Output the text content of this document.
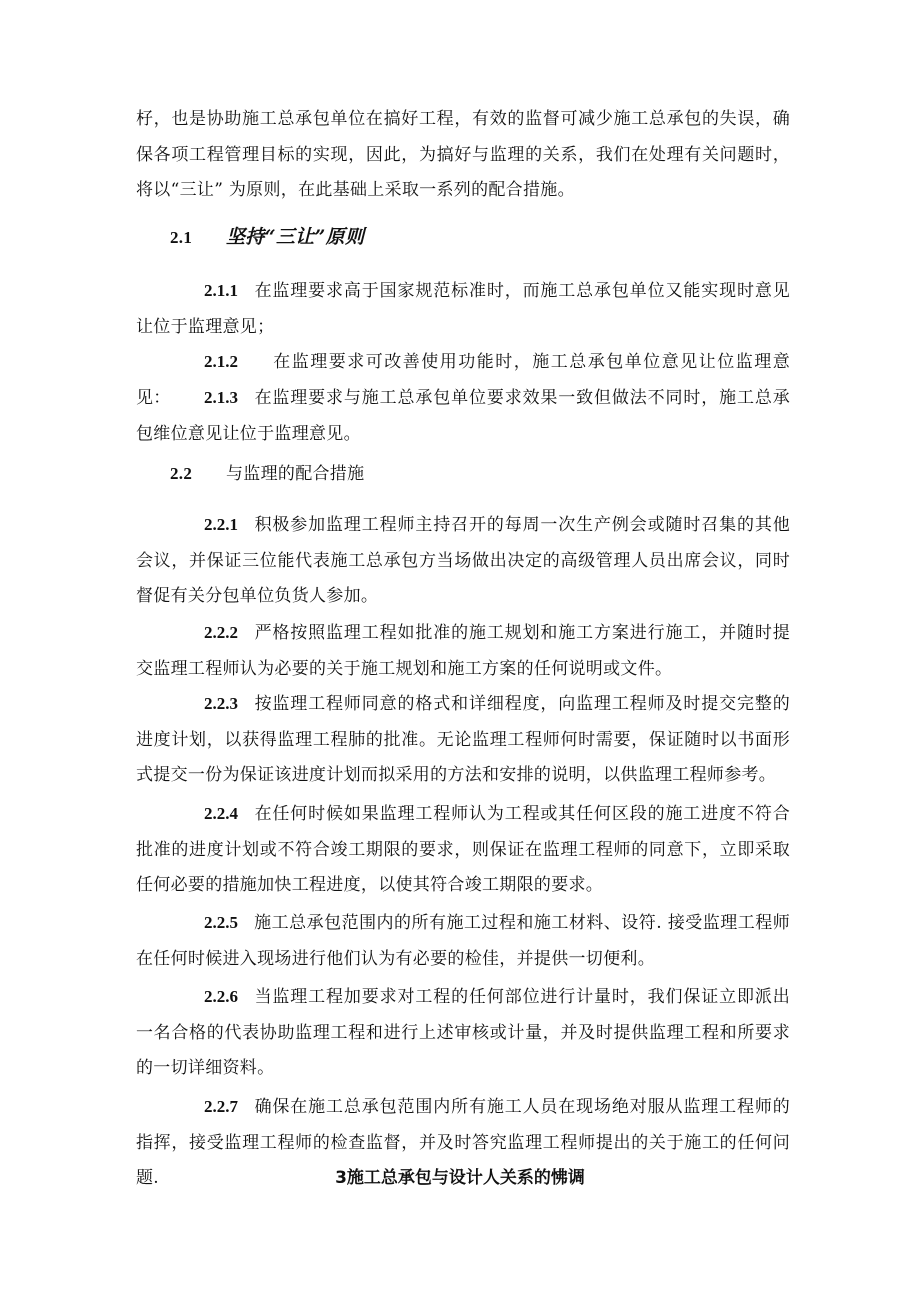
杍，也是协助施工总承包单位在搞好工程，有效的监督可减少施工总承包的失误，确保各项工程管理目标的实现，因此，为搞好与监理的关系，我们在处理有关问题时，将以“三让” 为原则，在此基础上采取一系列的配合措施。

2.1 坚持“三让”原则

2.1.1 在监理要求高于国家规范标准时，而施工总承包单位又能实现时意见让位于监理意见；

2.1.2 在监理要求可改善使用功能时，施工总承包单位意见让位监理意见：	2.1.3 在监理要求与施工总承包单位要求效果一致但做法不同时，施工总承包维位意见让位于监理意见。

2.2 与监理的配合措施

2.2.1 积极参加监理工程师主持召开的每周一次生产例会或随时召集的其他会议，并保证三位能代表施工总承包方当场做出决定的高级管理人员出席会议，同时督促有关分包单位负货人参加。

2.2.2 严格按照监理工程如批准的施工规划和施工方案进行施工，并随时提交监理工程师认为必要的关于施工规划和施工方案的任何说明或文件。

2.2.3 按监理工程师同意的格式和详细程度，向监理工程师及时提交完整的进度计划，以获得监理工程肺的批准。无论监理工程师何时需要，保证随时以书面形式提交一份为保证该进度计划而拟采用的方法和安排的说明，以供监理工程师参考。

2.2.4 在任何时候如果监理工程师认为工程或其任何区段的施工进度不符合批准的进度计划或不符合竣工期限的要求，则保证在监理工程师的同意下，立即采取任何必要的措施加快工程进度，以使其符合竣工期限的要求。

2.2.5 施工总承包范围内的所有施工过程和施工材料、设符. 接受监理工程师在任何时候进入现场进行他们认为有必要的检佳，并提供一切便利。

2.2.6 当监理工程加要求对工程的任何部位进行计量时，我们保证立即派出一名合格的代表协助监理工程和进行上述审核或计量，并及时提供监理工程和所要求的一切详细资料。

2.2.7 确保在施工总承包范围内所有施工人员在现场绝对服从监理工程师的指挥，接受监理工程师的检查监督，并及时答究监理工程师提出的关于施工的任何问题.	3施工总承包与设计人关系的怫调
